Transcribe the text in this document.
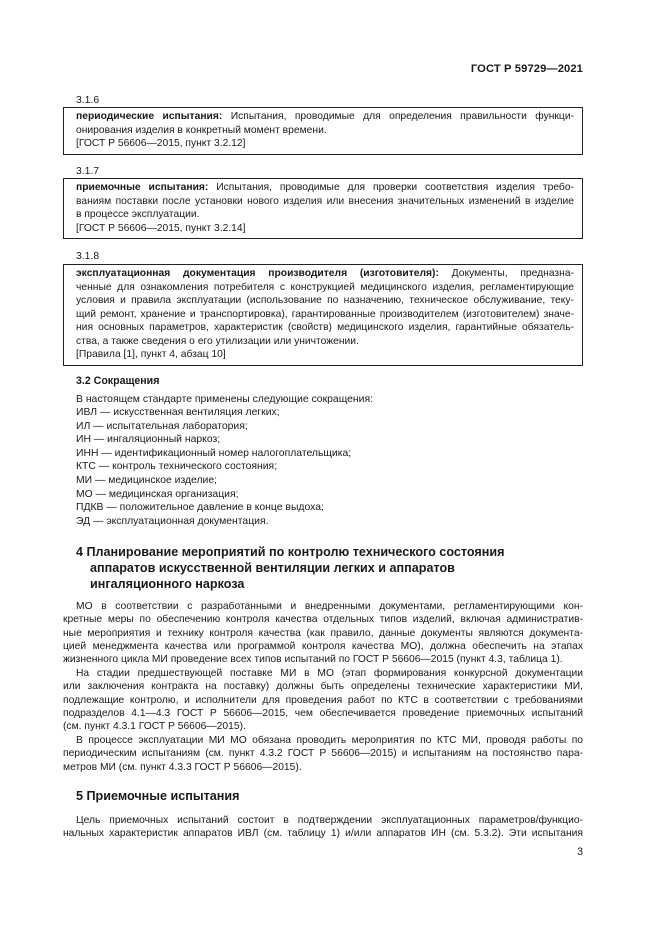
ГОСТ Р 59729—2021
3.1.6
периодические испытания: Испытания, проводимые для определения правильности функци-
онирования изделия в конкретный момент времени.
[ГОСТ Р 56606—2015, пункт 3.2.12]
3.1.7
приемочные испытания: Испытания, проводимые для проверки соответствия изделия требо-
ваниям поставки после установки нового изделия или внесения значительных изменений в изделие
в процессе эксплуатации.
[ГОСТ Р 56606—2015, пункт 3.2.14]
3.1.8
эксплуатационная документация производителя (изготовителя): Документы, предназна-
ченные для ознакомления потребителя с конструкцией медицинского изделия, регламентирующие
условия и правила эксплуатации (использование по назначению, техническое обслуживание, теку-
щий ремонт, хранение и транспортировка), гарантированные производителем (изготовителем) значе-
ния основных параметров, характеристик (свойств) медицинского изделия, гарантийные обязатель-
ства, а также сведения о его утилизации или уничтожении.
[Правила [1], пункт 4, абзац 10]
3.2 Сокращения
В настоящем стандарте применены следующие сокращения:
ИВЛ — искусственная вентиляция легких;
ИЛ — испытательная лаборатория;
ИН — ингаляционный наркоз;
ИНН — идентификационный номер налогоплательщика;
КТС — контроль технического состояния;
МИ — медицинское изделие;
МО — медицинская организация;
ПДКВ — положительное давление в конце выдоха;
ЭД — эксплуатационная документация.
4 Планирование мероприятий по контролю технического состояния
аппаратов искусственной вентиляции легких и аппаратов
ингаляционного наркоза
МО в соответствии с разработанными и внедренными документами, регламентирующими кон-
кретные меры по обеспечению контроля качества отдельных типов изделий, включая административ-
ные мероприятия и технику контроля качества (как правило, данные документы являются документа-
цией менеджмента качества или программой контроля качества МО), должна обеспечить на этапах
жизненного цикла МИ проведение всех типов испытаний по ГОСТ Р 56606—2015 (пункт 4.3, таблица 1).
На стадии предшествующей поставке МИ в МО (этап формирования конкурсной документации
или заключения контракта на поставку) должны быть определены технические характеристики МИ,
подлежащие контролю, и исполнители для проведения работ по КТС в соответствии с требованиями
подразделов 4.1—4.3 ГОСТ Р 56606—2015, чем обеспечивается проведение приемочных испытаний
(см. пункт 4.3.1 ГОСТ Р 56606—2015).
В процессе эксплуатации МИ МО обязана проводить мероприятия по КТС МИ, проводя работы по
периодическим испытаниям (см. пункт 4.3.2 ГОСТ Р 56606—2015) и испытаниям на постоянство пара-
метров МИ (см. пункт 4.3.3 ГОСТ Р 56606—2015).
5 Приемочные испытания
Цель приемочных испытаний состоит в подтверждении эксплуатационных параметров/функцио-
нальных характеристик аппаратов ИВЛ (см. таблицу 1) и/или аппаратов ИН (см. 5.3.2). Эти испытания
3
